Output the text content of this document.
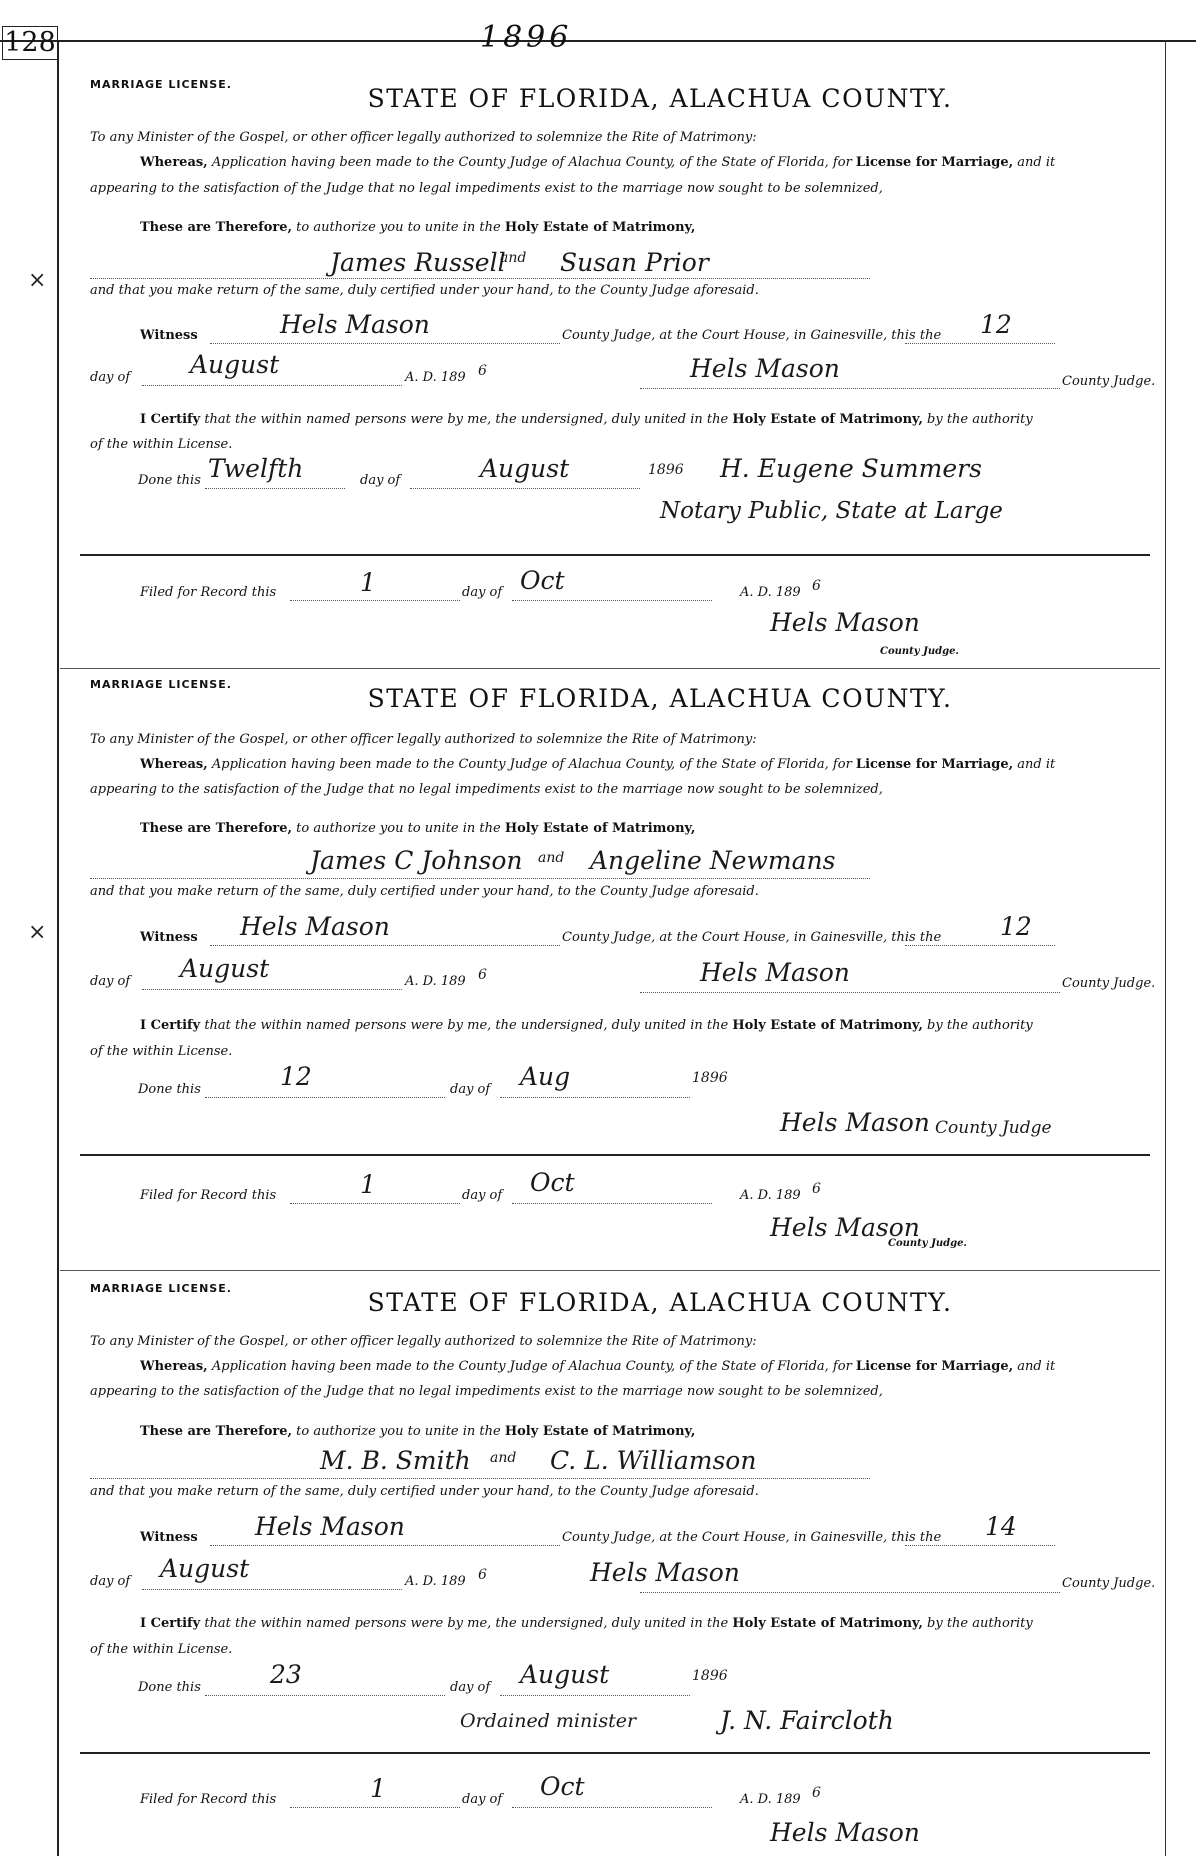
128	1896
×
×
MARRIAGE LICENSE.	STATE OF FLORIDA, ALACHUA COUNTY.
To any Minister of the Gospel, or other officer legally authorized to solemnize the Rite of Matrimony:
Whereas, Application having been made to the County Judge of Alachua County, of the State of Florida, for License for Marriage, and it
appearing to the satisfaction of the Judge that no legal impediments exist to the marriage now sought to be solemnized,
These are Therefore, to authorize you to unite in the Holy Estate of Matrimony,
James Russell
and Susan Prior
and that you make return of the same, duly certified under your hand, to the County Judge aforesaid.
Witness	Hels Mason	County Judge, at the Court House, in Gainesville, this the 12
day of August	A. D. 189 6	Hels Mason	County Judge.
I Certify that the within named persons were by me, the undersigned, duly united in the Holy Estate of Matrimony, by the authority
of the within License.
Done this Twelfth	day of	August	1896 H. Eugene Summers
Notary Public, State at Large
Filed for Record this	1	day of Oct	A. D. 189 6
Hels Mason
County Judge.
MARRIAGE LICENSE.	STATE OF FLORIDA, ALACHUA COUNTY.
To any Minister of the Gospel, or other officer legally authorized to solemnize the Rite of Matrimony:
Whereas, Application having been made to the County Judge of Alachua County, of the State of Florida, for License for Marriage, and it
appearing to the satisfaction of the Judge that no legal impediments exist to the marriage now sought to be solemnized,
These are Therefore, to authorize you to unite in the Holy Estate of Matrimony,
James C Johnson and Angeline Newmans
and that you make return of the same, duly certified under your hand, to the County Judge aforesaid.
Witness Hels Mason	County Judge, at the Court House, in Gainesville, this the 12
day of August	A. D. 189 6	Hels Mason	County Judge.
I Certify that the within named persons were by me, the undersigned, duly united in the Holy Estate of Matrimony, by the authority
of the within License.
Done this	12	day of Aug	1896
Hels Mason County Judge
Filed for Record this	1	day of Oct	A. D. 189 6
Hels Mason
County Judge.
MARRIAGE LICENSE.	STATE OF FLORIDA, ALACHUA COUNTY.
To any Minister of the Gospel, or other officer legally authorized to solemnize the Rite of Matrimony:
Whereas, Application having been made to the County Judge of Alachua County, of the State of Florida, for License for Marriage, and it
appearing to the satisfaction of the Judge that no legal impediments exist to the marriage now sought to be solemnized,
These are Therefore, to authorize you to unite in the Holy Estate of Matrimony,
M. B. Smith and C. L. Williamson
and that you make return of the same, duly certified under your hand, to the County Judge aforesaid.
Witness Hels Mason	County Judge, at the Court House, in Gainesville, this the 14
day of August	A. D. 189 6	Hels Mason	County Judge.
I Certify that the within named persons were by me, the undersigned, duly united in the Holy Estate of Matrimony, by the authority
of the within License.
Done this	23	day of August	1896
Ordained minister	J. N. Faircloth
Filed for Record this	1	day of Oct	A. D. 189 6
Hels Mason
